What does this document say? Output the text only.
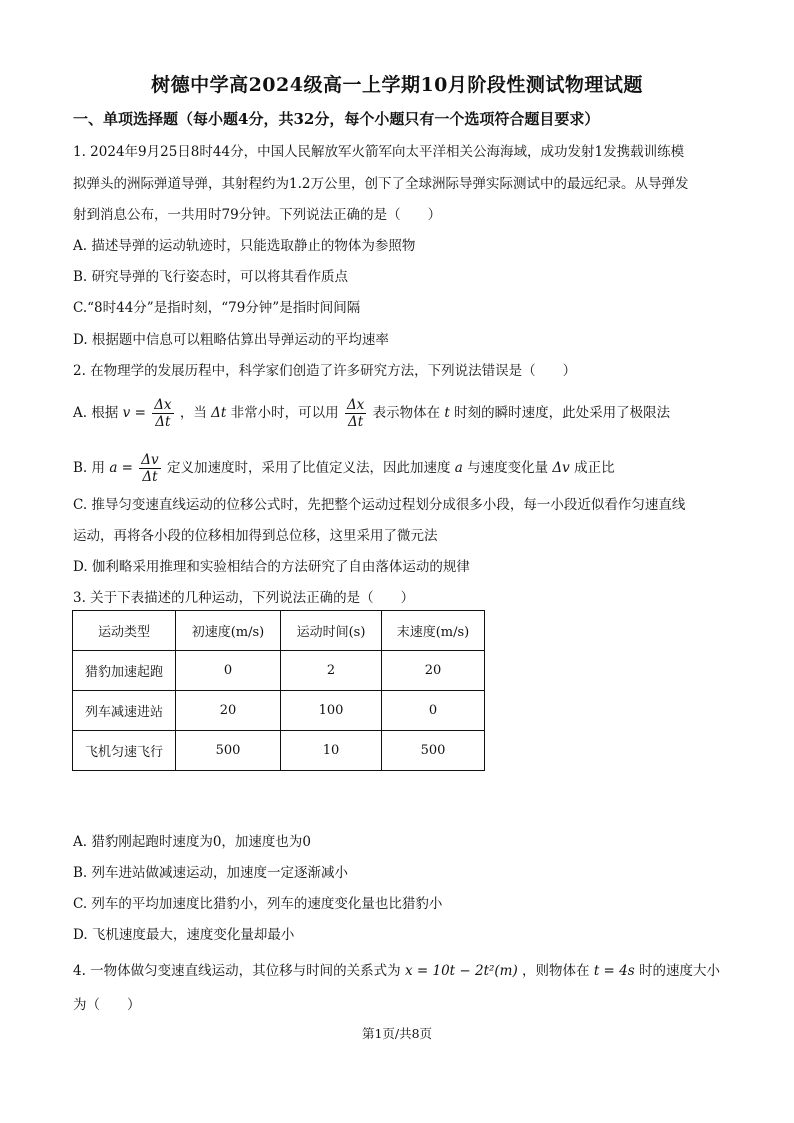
树德中学高2024级高一上学期10月阶段性测试物理试题
一、单项选择题（每小题4分，共32分，每个小题只有一个选项符合题目要求）
1. 2024年9月25日8时44分，中国人民解放军火箭军向太平洋相关公海海域，成功发射1发携载训练模
拟弹头的洲际弹道导弹，其射程约为1.2万公里，创下了全球洲际导弹实际测试中的最远纪录。从导弹发
射到消息公布，一共用时79分钟。下列说法正确的是（　　）
A. 描述导弹的运动轨迹时，只能选取静止的物体为参照物
B. 研究导弹的飞行姿态时，可以将其看作质点
C.“8时44分”是指时刻，“79分钟”是指时间间隔
D. 根据题中信息可以粗略估算出导弹运动的平均速率
2. 在物理学的发展历程中，科学家们创造了许多研究方法，下列说法错误是（　　）
A. 根据 $v = \frac{\Delta x}{\Delta t}$ ，当 Δt 非常小时，可以用 $\frac{\Delta x}{\Delta t}$ 表示物体在 t 时刻的瞬时速度，此处采用了极限法
B. 用 $a = \frac{\Delta v}{\Delta t}$ 定义加速度时，采用了比值定义法，因此加速度 a 与速度变化量 Δv 成正比
C. 推导匀变速直线运动的位移公式时，先把整个运动过程划分成很多小段，每一小段近似看作匀速直线
运动，再将各小段的位移相加得到总位移，这里采用了微元法
D. 伽利略采用推理和实验相结合的方法研究了自由落体运动的规律
3. 关于下表描述的几种运动，下列说法正确的是（　　）
运动类型	初速度(m/s)	运动时间(s)	末速度(m/s)
猎豹加速起跑	0	2	20
列车减速进站	20	100	0
飞机匀速飞行	500	10	500
A. 猎豹刚起跑时速度为0，加速度也为0
B. 列车进站做减速运动，加速度一定逐渐减小
C. 列车的平均加速度比猎豹小，列车的速度变化量也比猎豹小
D. 飞机速度最大，速度变化量却最小
4. 一物体做匀变速直线运动，其位移与时间的关系式为 x = 10t − 2t²(m) ，则物体在 t = 4s 时的速度大小
为（　　）
第1页/共8页
